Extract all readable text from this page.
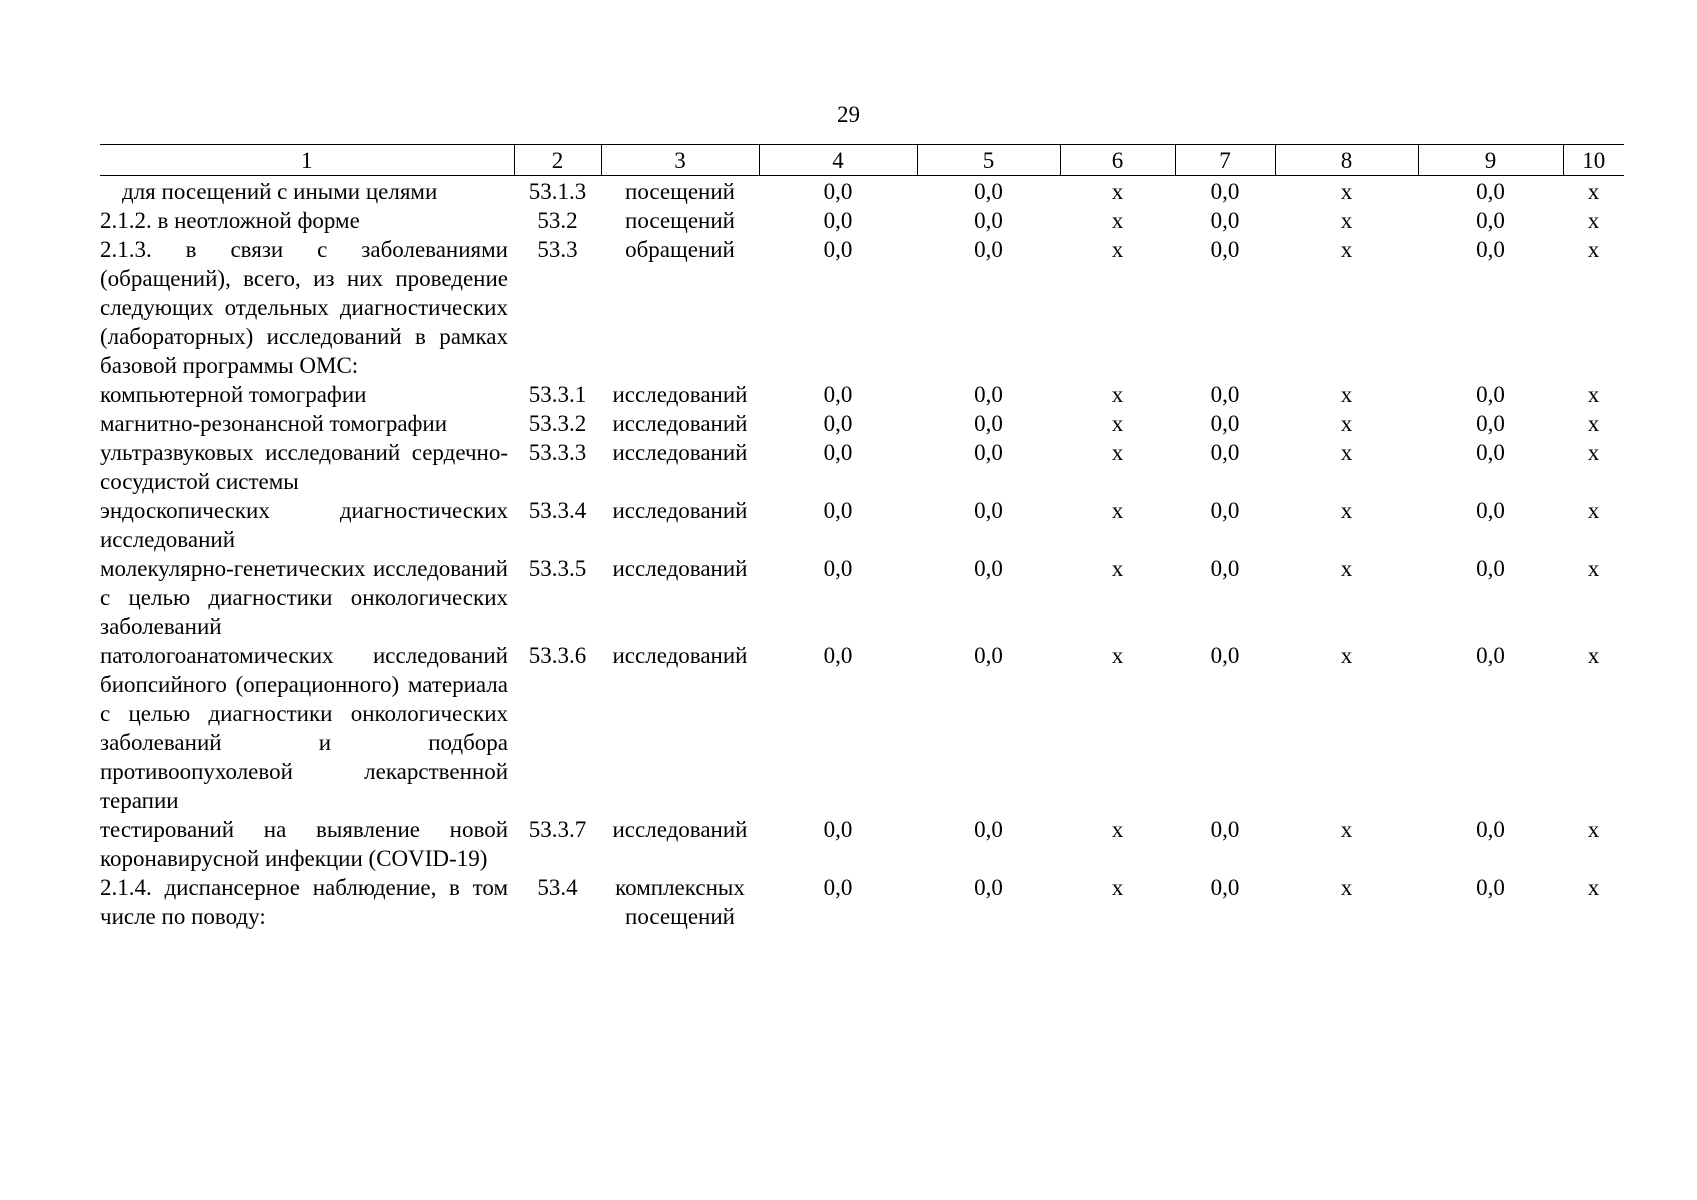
29
1	2	3	4	5	6	7	8	9	10
для посещений с иными целями	53.1.3	посещений	0,0	0,0	х	0,0	х	0,0	х
2.1.2. в неотложной форме	53.2	посещений	0,0	0,0	х	0,0	х	0,0	х
2.1.3. в связи с заболеваниями (обращений), всего, из них проведение следующих отдельных диагностических (лабораторных) исследований в рамках базовой программы ОМС:	53.3	обращений	0,0	0,0	х	0,0	х	0,0	х
компьютерной томографии	53.3.1	исследований	0,0	0,0	х	0,0	х	0,0	х
магнитно-резонансной томографии	53.3.2	исследований	0,0	0,0	х	0,0	х	0,0	х
ультразвуковых исследований сердечно-сосудистой системы	53.3.3	исследований	0,0	0,0	х	0,0	х	0,0	х
эндоскопических диагностических исследований	53.3.4	исследований	0,0	0,0	х	0,0	х	0,0	х
молекулярно-генетических исследований с целью диагностики онкологических заболеваний	53.3.5	исследований	0,0	0,0	х	0,0	х	0,0	х
патологоанатомических исследований биопсийного (операционного) материала с целью диагностики онкологических заболеваний и подбора противоопухолевой лекарственной терапии	53.3.6	исследований	0,0	0,0	х	0,0	х	0,0	х
тестирований на выявление новой коронавирусной инфекции (COVID-19)	53.3.7	исследований	0,0	0,0	х	0,0	х	0,0	х
2.1.4. диспансерное наблюдение, в том числе по поводу:	53.4	комплексных посещений	0,0	0,0	х	0,0	х	0,0	х
